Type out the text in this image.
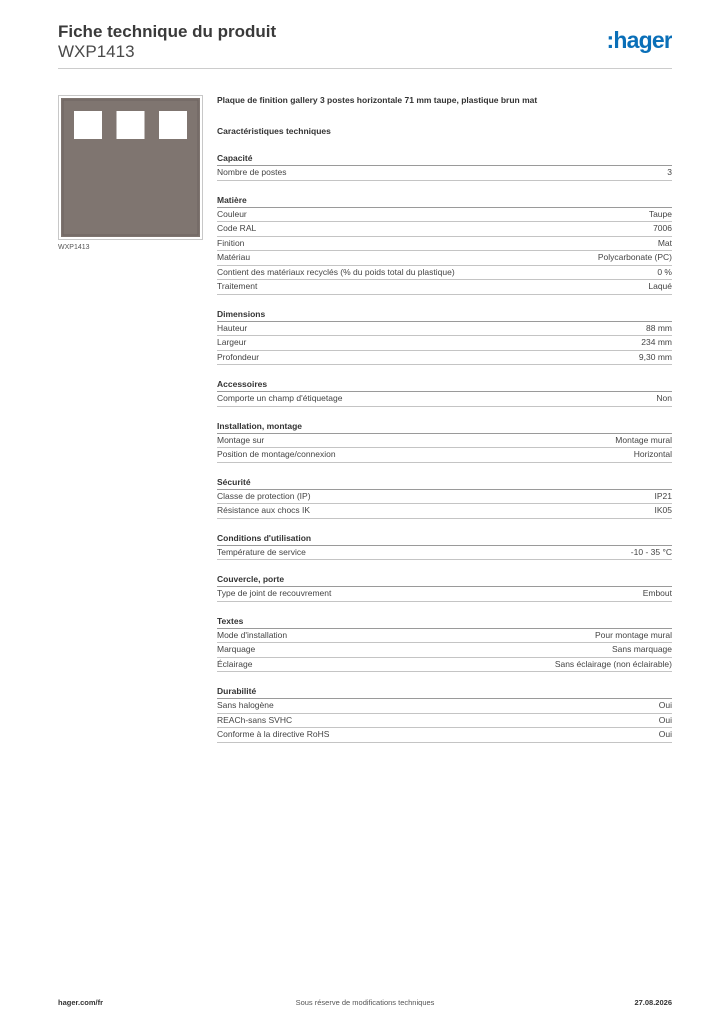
Fiche technique du produit
WXP1413	:hager
WXP1413

Plaque de finition gallery 3 postes horizontale 71 mm taupe, plastique brun mat

Caractéristiques techniques

Capacité
Nombre de postes	3
Matière
Couleur	Taupe
Code RAL	7006
Finition	Mat
Matériau	Polycarbonate (PC)
Contient des matériaux recyclés (% du poids total du plastique)	0 %
Traitement	Laqué
Dimensions
Hauteur	88 mm
Largeur	234 mm
Profondeur	9,30 mm
Accessoires
Comporte un champ d'étiquetage	Non
Installation, montage
Montage sur	Montage mural
Position de montage/connexion	Horizontal
Sécurité
Classe de protection (IP)	IP21
Résistance aux chocs IK	IK05
Conditions d'utilisation
Température de service	-10 - 35 °C
Couvercle, porte
Type de joint de recouvrement	Embout
Textes
Mode d'installation	Pour montage mural
Marquage	Sans marquage
Éclairage	Sans éclairage (non éclairable)
Durabilité
Sans halogène	Oui
REACh-sans SVHC	Oui
Conforme à la directive RoHS	Oui
hager.com/fr	Sous réserve de modifications techniques	27.08.2026
